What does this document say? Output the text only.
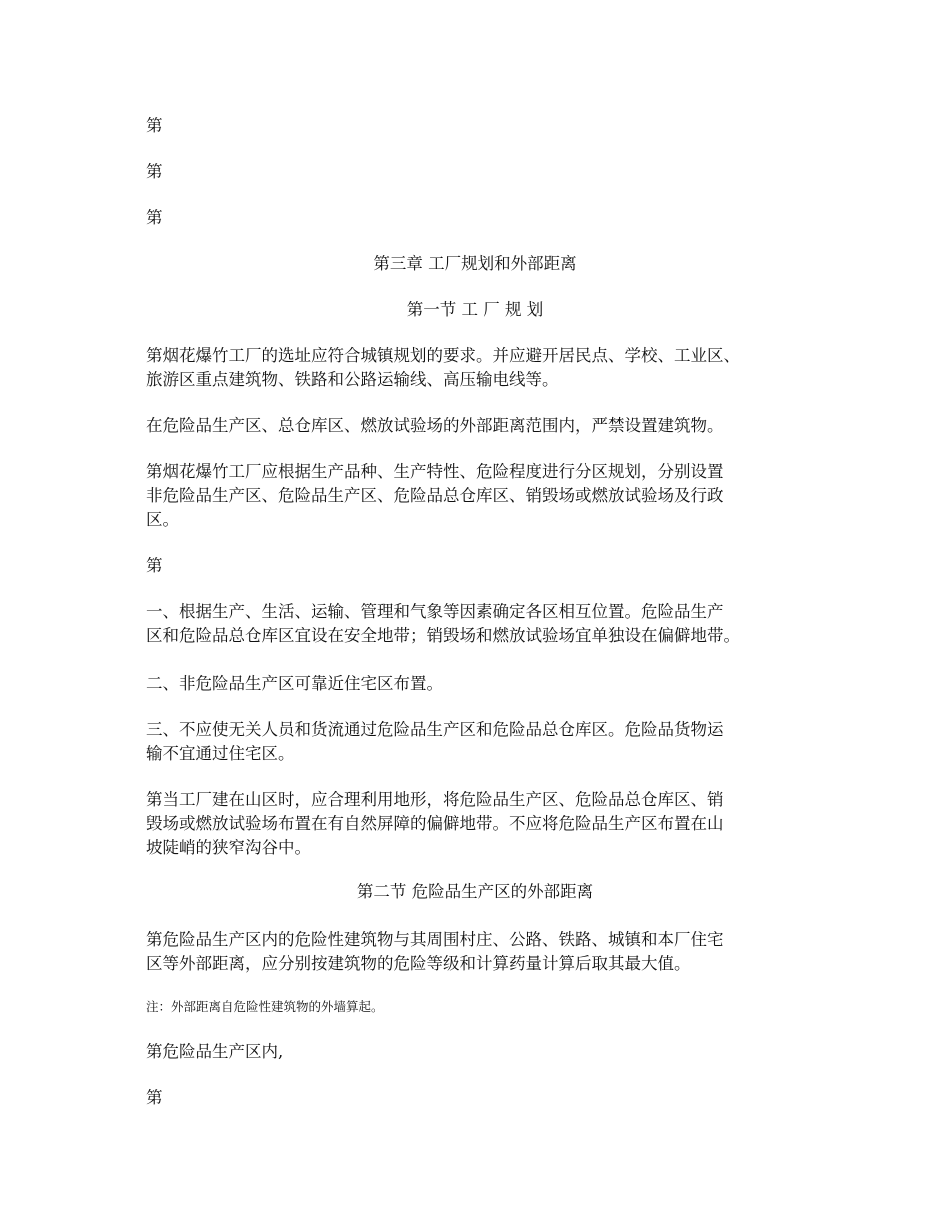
第

第

第

第三章 工厂规划和外部距离
第一节 工 厂 规 划
第烟花爆竹工厂的选址应符合城镇规划的要求。并应避开居民点、学校、工业区、
旅游区重点建筑物、铁路和公路运输线、高压输电线等。

在危险品生产区、总仓库区、燃放试验场的外部距离范围内，严禁设置建筑物。

第烟花爆竹工厂应根据生产品种、生产特性、危险程度进行分区规划，分别设置
非危险品生产区、危险品生产区、危险品总仓库区、销毁场或燃放试验场及行政
区。

第

一、根据生产、生活、运输、管理和气象等因素确定各区相互位置。危险品生产
区和危险品总仓库区宜设在安全地带；销毁场和燃放试验场宜单独设在偏僻地带。

二、非危险品生产区可靠近住宅区布置。

三、不应使无关人员和货流通过危险品生产区和危险品总仓库区。危险品货物运
输不宜通过住宅区。
第当工厂建在山区时，应合理利用地形，将危险品生产区、危险品总仓库区、销
毁场或燃放试验场布置在有自然屏障的偏僻地带。不应将危险品生产区布置在山
坡陡峭的狭窄沟谷中。
第二节 危险品生产区的外部距离
第危险品生产区内的危险性建筑物与其周围村庄、公路、铁路、城镇和本厂住宅
区等外部距离，应分别按建筑物的危险等级和计算药量计算后取其最大值。

注：外部距离自危险性建筑物的外墙算起。

第危险品生产区内,

第
